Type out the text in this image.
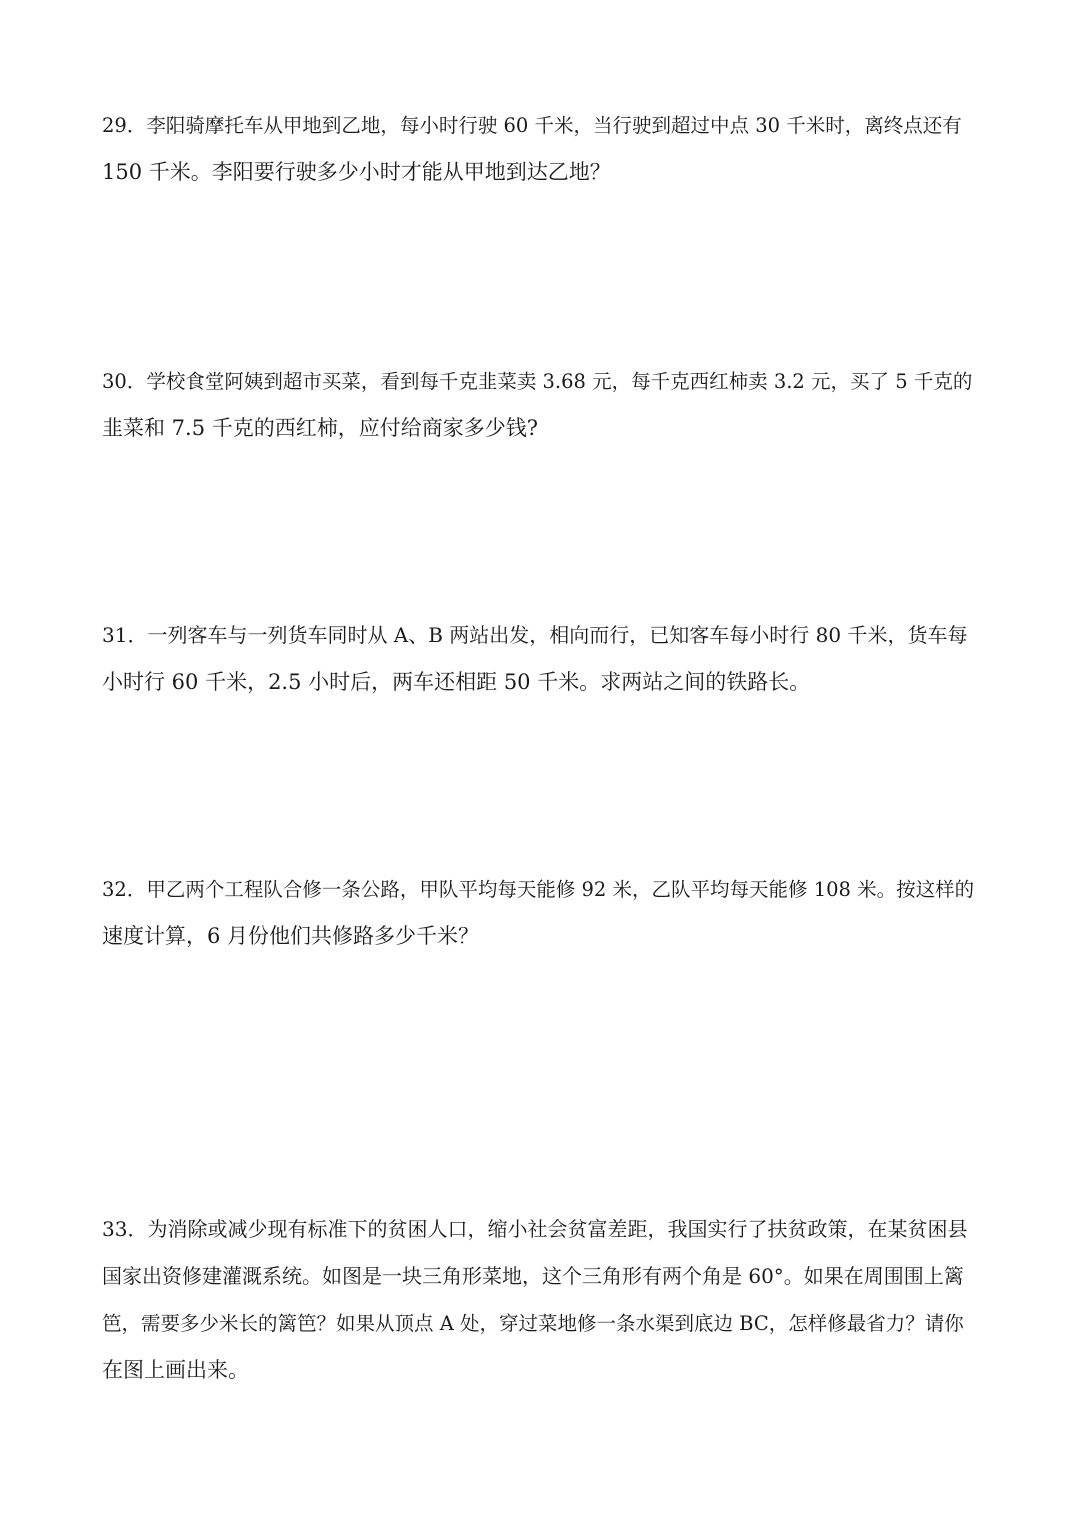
29．李阳骑摩托车从甲地到乙地，每小时行驶 60 千米，当行驶到超过中点 30 千米时，离终点还有

150 千米。李阳要行驶多少小时才能从甲地到达乙地？

30．学校食堂阿姨到超市买菜，看到每千克韭菜卖 3.68 元，每千克西红柿卖 3.2 元，买了 5 千克的

韭菜和 7.5 千克的西红柿，应付给商家多少钱?

31．一列客车与一列货车同时从 A、B 两站出发，相向而行，已知客车每小时行 80 千米，货车每

小时行 60 千米，2.5 小时后，两车还相距 50 千米。求两站之间的铁路长。

32．甲乙两个工程队合修一条公路，甲队平均每天能修 92 米，乙队平均每天能修 108 米。按这样的

速度计算，6 月份他们共修路多少千米？

33．为消除或减少现有标准下的贫困人口，缩小社会贫富差距，我国实行了扶贫政策，在某贫困县

国家出资修建灌溉系统。如图是一块三角形菜地，这个三角形有两个角是 60°。如果在周围围上篱

笆，需要多少米长的篱笆？如果从顶点 A 处，穿过菜地修一条水渠到底边 BC，怎样修最省力？请你

在图上画出来。
